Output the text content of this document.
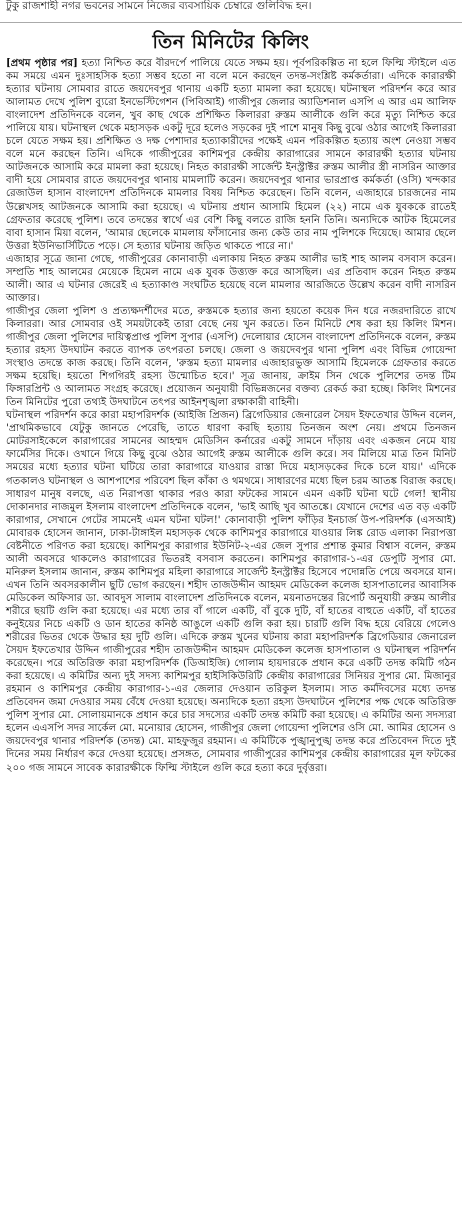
টুকু রাজশাহী নগর ভবনের সামনে নিজের ব্যবসায়িক চেম্বারে গুলিবিদ্ধ হন।
তিন মিনিটের কিলিং

[প্রথম পৃষ্ঠার পর] হত্যা নিশ্চিত করে বীরদর্পে পালিয়ে যেতে সক্ষম হয়। পূর্বপরিকল্পিত না হলে ফিল্মি স্টাইলে এত কম সময়ে এমন দুঃসাহসিক হত্যা সম্ভব হতো না বলে মনে করছেন তদন্ত-সংশ্লিষ্ট কর্মকর্তারা। এদিকে কারারক্ষী হত্যার ঘটনায় সোমবার রাতে জয়দেবপুর থানায় একটি হত্যা মামলা করা হয়েছে। ঘটনাস্থল পরিদর্শন করে আর আলামত দেখে পুলিশ ব্যুরো ইনভেস্টিগেশন (পিবিআই) গাজীপুর জেলার অ্যাডিশনাল এসপি এ আর এম আলিফ বাংলাদেশ প্রতিদিনকে বলেন, খুব কাছ থেকে প্রশিক্ষিত কিলাররা রুস্তম আলীকে গুলি করে মৃত্যু নিশ্চিত করে পালিয়ে যায়। ঘটনাস্থল থেকে মহাসড়ক একটু দূরে হলেও সড়কের দুই পাশে মানুষ কিছু বুঝে ওঠার আগেই কিলাররা চলে যেতে সক্ষম হয়। প্রশিক্ষিত ও দক্ষ পেশাদার হত্যাকারীদের পক্ষেই এমন পরিকল্পিত হত্যায় অংশ নেওয়া সম্ভব বলে মনে করছেন তিনি। এদিকে গাজীপুরের কাশিমপুর কেন্দ্রীয় কারাগারের সামনে কারারক্ষী হত্যার ঘটনায় আটজনকে আসামি করে মামলা করা হয়েছে। নিহত কারারক্ষী সার্জেন্ট ইনস্ট্রাক্টর রুস্তম আলীর স্ত্রী নাসরিন আক্তার বাদী হয়ে সোমবার রাতে জয়দেবপুর থানায় মামলাটি করেন। জয়দেবপুর থানার ভারপ্রাপ্ত কর্মকর্তা (ওসি) খন্দকার রেজাউল হাসান বাংলাদেশ প্রতিদিনকে মামলার বিষয় নিশ্চিত করেছেন। তিনি বলেন, এজাহারে চারজনের নাম উল্লেখসহ আটজনকে আসামি করা হয়েছে। এ ঘটনায় প্রধান আসামি হিমেল (২২) নামে এক যুবককে রাতেই গ্রেফতার করেছে পুলিশ। তবে তদন্তের স্বার্থে এর বেশি কিছু বলতে রাজি হননি তিনি। অন্যদিকে আটক হিমেলের বাবা হাসান মিয়া বলেন, 'আমার ছেলেকে মামলায় ফাঁসানোর জন্য কেউ তার নাম পুলিশকে দিয়েছে। আমার ছেলে উত্তরা ইউনিভার্সিটিতে পড়ে। সে হত্যার ঘটনায় জড়িত থাকতে পারে না।'

এজাহার সূত্রে জানা গেছে, গাজীপুরের কোনাবাড়ী এলাকায় নিহত রুস্তম আলীর ভাই শাহ আলম বসবাস করেন। সম্প্রতি শাহ আলমের মেয়েকে হিমেল নামে এক যুবক উত্ত্যক্ত করে আসছিল। এর প্রতিবাদ করেন নিহত রুস্তম আলী। আর এ ঘটনার জেরেই এ হত্যাকাণ্ড সংঘটিত হয়েছে বলে মামলার আরজিতে উল্লেখ করেন বাদী নাসরিন আক্তার।

গাজীপুর জেলা পুলিশ ও প্রত্যক্ষদর্শীদের মতে, রুস্তমকে হত্যার জন্য হয়তো কয়েক দিন ধরে নজরদারিতে রাখে কিলাররা। আর সোমবার ওই সময়টাকেই তারা বেছে নেয় খুন করতে। তিন মিনিটে শেষ করা হয় কিলিং মিশন। গাজীপুর জেলা পুলিশের দায়িত্বপ্রাপ্ত পুলিশ সুপার (এসপি) দেলোয়ার হোসেন বাংলাদেশ প্রতিদিনকে বলেন, রুস্তম হত্যার রহস্য উদঘাটন করতে ব্যাপক তৎপরতা চলছে। জেলা ও জয়দেবপুর থানা পুলিশ এবং বিভিন্ন গোয়েন্দা সংস্থাও তদন্তে কাজ করছে। তিনি বলেন, 'রুস্তম হত্যা মামলার এজাহারভুক্ত আসামি হিমেলকে গ্রেফতার করতে সক্ষম হয়েছি। হয়তো শিগগিরই রহস্য উন্মোচিত হবে।' সূত্র জানায়, ক্রাইম সিন থেকে পুলিশের তদন্ত টিম ফিঙ্গারপ্রিন্ট ও আলামত সংগ্রহ করেছে। প্রয়োজন অনুযায়ী বিভিন্নজনের বক্তব্য রেকর্ড করা হচ্ছে। কিলিং মিশনের তিন মিনিটের পুরো তথ্যই উদঘাটনে তৎপর আইনশৃঙ্খলা রক্ষাকারী বাহিনী।

ঘটনাস্থল পরিদর্শন করে কারা মহাপরিদর্শক (আইজি প্রিজন) ব্রিগেডিয়ার জেনারেল সৈয়দ ইফতেখার উদ্দিন বলেন, 'প্রাথমিকভাবে যেটুকু জানতে পেরেছি, তাতে ধারণা করছি হত্যায় তিনজন অংশ নেয়। প্রথমে তিনজন মোটরসাইকেলে কারাগারের সামনের আহম্মদ মেডিসিন কর্নারের একটু সামনে দাঁড়ায় এবং একজন নেমে যায় ফার্মেসির দিকে। ওখানে গিয়ে কিছু বুঝে ওঠার আগেই রুস্তম আলীকে গুলি করে। সব মিলিয়ে মাত্র তিন মিনিট সময়ের মধ্যে হত্যার ঘটনা ঘটিয়ে তারা কারাগারে যাওয়ার রাস্তা দিয়ে মহাসড়কের দিকে চলে যায়।' এদিকে গতকালও ঘটনাস্থল ও আশপাশের পরিবেশ ছিল কাঁকা ও থমথমে। সাধারণের মধ্যে ছিল চরম আতঙ্ক বিরাজ করছে। সাধারণ মানুষ বলছে, এত নিরাপত্তা থাকার পরও কারা ফটকের সামনে এমন একটি ঘটনা ঘটে গেল! স্থানীয় দোকানদার নাজমুল ইসলাম বাংলাদেশ প্রতিদিনকে বলেন, 'ভাই আছি খুব আতঙ্কে। যেখানে দেশের এত বড় একটি কারাগার, সেখানে গেটের সামনেই এমন ঘটনা ঘটল!' কোনাবাড়ী পুলিশ ফাঁড়ির ইনচার্জ উপ-পরিদর্শক (এসআই) মোবারক হোসেন জানান, ঢাকা-টাঙ্গাইল মহাসড়ক থেকে কাশিমপুর কারাগারে যাওয়ার লিঙ্ক রোড এলাকা নিরাপত্তা বেষ্টনীতে পরিণত করা হয়েছে। কাশিমপুর কারাগার ইউনিট-২-এর জেল সুপার প্রশান্ত কুমার বিশ্বাস বলেন, রুস্তম আলী অবসরে থাকলেও কারাগারের ভিতরই বসবাস করতেন। কাশিমপুর কারাগার-১-এর ডেপুটি সুপার মো. মনিরুল ইসলাম জানান, রুস্তম কাশিমপুর মহিলা কারাগারে সার্জেন্ট ইনস্ট্রাক্টর হিসেবে পদোন্নতি পেয়ে অবসরে যান। এখন তিনি অবসরকালীন ছুটি ভোগ করছেন। শহীদ তাজউদ্দীন আহমদ মেডিকেল কলেজ হাসপাতালের আবাসিক মেডিকেল অফিসার ডা. আবদুস সালাম বাংলাদেশ প্রতিদিনকে বলেন, ময়নাতদন্তের রিপোর্ট অনুযায়ী রুস্তম আলীর শরীরে ছয়টি গুলি করা হয়েছে। এর মধ্যে তার বাঁ গালে একটি, বাঁ বুকে দুটি, বাঁ হাতের বাহুতে একটি, বাঁ হাতের কনুইয়ের নিচে একটি ও ডান হাতের কনিষ্ঠ আঙুলে একটি গুলি করা হয়। চারটি গুলি বিদ্ধ হয়ে বেরিয়ে গেলেও শরীরের ভিতর থেকে উদ্ধার হয় দুটি গুলি। এদিকে রুস্তম খুনের ঘটনায় কারা মহাপরিদর্শক ব্রিগেডিয়ার জেনারেল সৈয়দ ইফতেখার উদ্দিন গাজীপুরের শহীদ তাজউদ্দীন আহমদ মেডিকেল কলেজ হাসপাতাল ও ঘটনাস্থল পরিদর্শন করেছেন। পরে অতিরিক্ত কারা মহাপরিদর্শক (ডিআইজি) গোলাম হায়দারকে প্রধান করে একটি তদন্ত কমিটি গঠন করা হয়েছে। এ কমিটির অন্য দুই সদস্য কাশিমপুর হাইসিকিউরিটি কেন্দ্রীয় কারাগারের সিনিয়র সুপার মো. মিজানুর রহমান ও কাশিমপুর কেন্দ্রীয় কারাগার-১-এর জেলার দেওয়ান তরিকুল ইসলাম। সাত কর্মদিবসের মধ্যে তদন্ত প্রতিবেদন জমা দেওয়ার সময় বেঁধে দেওয়া হয়েছে। অন্যদিকে হত্যা রহস্য উদঘাটনে পুলিশের পক্ষ থেকে অতিরিক্ত পুলিশ সুপার মো. সোলায়মানকে প্রধান করে চার সদস্যের একটি তদন্ত কমিটি করা হয়েছে। এ কমিটির অন্য সদস্যরা হলেন এএসপি সদর সার্কেল মো. মনোয়ার হোসেন, গাজীপুর জেলা গোয়েন্দা পুলিশের ওসি মো. আমির হোসেন ও জয়দেবপুর থানার পরিদর্শক (তদন্ত) মো. মাহফুজুর রহমান। এ কমিটিকে পুঙ্খানুপুঙ্খ তদন্ত করে প্রতিবেদন দিতে দুই দিনের সময় নির্ধারণ করে দেওয়া হয়েছে। প্রসঙ্গত, সোমবার গাজীপুরের কাশিমপুর কেন্দ্রীয় কারাগারের মূল ফটকের ২০০ গজ সামনে সাবেক কারারক্ষীকে ফিল্মি স্টাইলে গুলি করে হত্যা করে দুর্বৃত্তরা।
